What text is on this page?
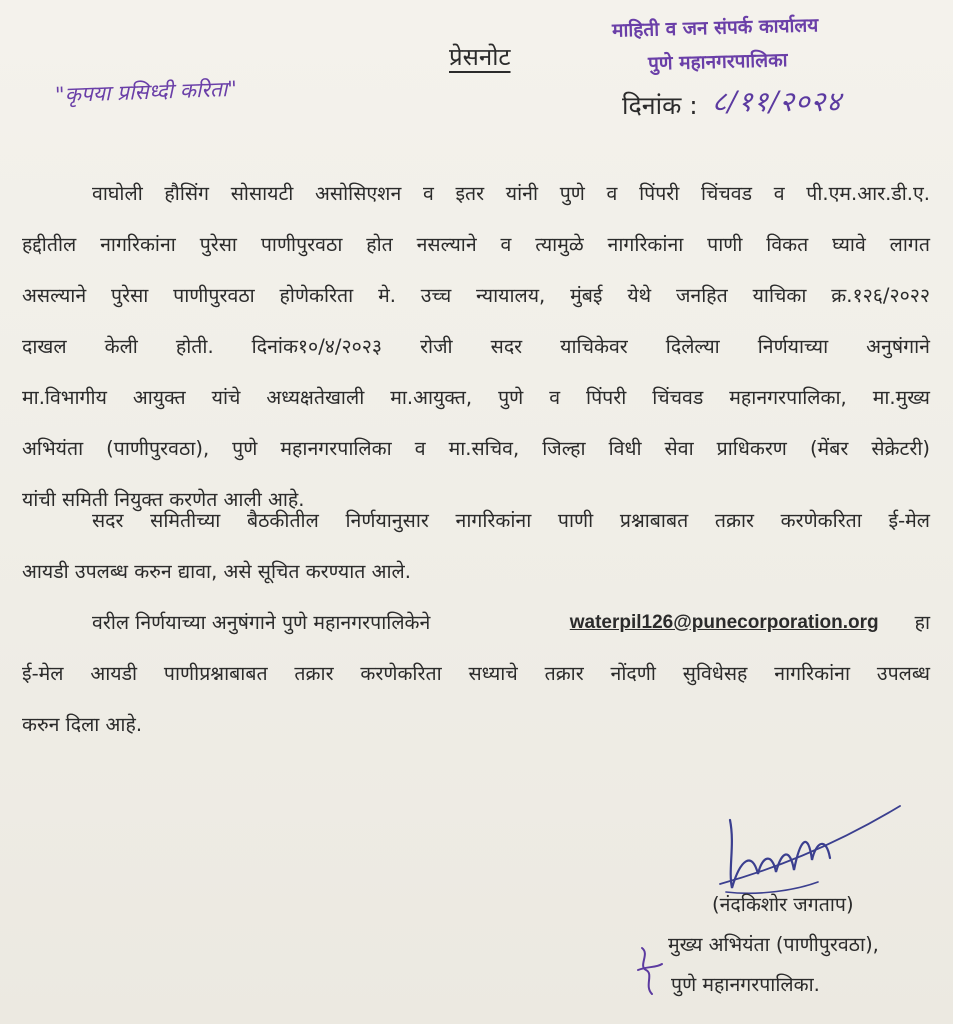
माहिती व जन संपर्क कार्यालय
पुणे महानगरपालिका
"कृपया प्रसिध्दी करिता"
प्रेसनोट
दिनांक : ८/११/२०२४
वाघोली हौसिंग सोसायटी असोसिएशन व इतर यांनी पुणे व पिंपरी चिंचवड व पी.एम.आर.डी.ए.
हद्दीतील नागरिकांना पुरेसा पाणीपुरवठा होत नसल्याने व त्यामुळे नागरिकांना पाणी विकत घ्यावे लागत
असल्याने पुरेसा पाणीपुरवठा होणेकरिता मे. उच्च न्यायालय, मुंबई येथे जनहित याचिका क्र.१२६/२०२२
दाखल केली होती. दिनांक१०/४/२०२३ रोजी सदर याचिकेवर दिलेल्या निर्णयाच्या अनुषंगाने
मा.विभागीय आयुक्त यांचे अध्यक्षतेखाली मा.आयुक्त, पुणे व पिंपरी चिंचवड महानगरपालिका, मा.मुख्य
अभियंता (पाणीपुरवठा), पुणे महानगरपालिका व मा.सचिव, जिल्हा विधी सेवा प्राधिकरण (मेंबर सेक्रेटरी)
यांची समिती नियुक्त करणेत आली आहे.
सदर समितीच्या बैठकीतील निर्णयानुसार नागरिकांना पाणी प्रश्नाबाबत तक्रार करणेकरिता ई-मेल
आयडी उपलब्ध करुन द्यावा, असे सूचित करण्यात आले.
वरील निर्णयाच्या अनुषंगाने पुणे महानगरपालिकेने	waterpil126@punecorporation.org हा
ई-मेल आयडी पाणीप्रश्नाबाबत तक्रार करणेकरिता सध्याचे तक्रार नोंदणी सुविधेसह नागरिकांना उपलब्ध
करुन दिला आहे.
(नंदकिशोर जगताप)
मुख्य अभियंता (पाणीपुरवठा),
पुणे महानगरपालिका.
